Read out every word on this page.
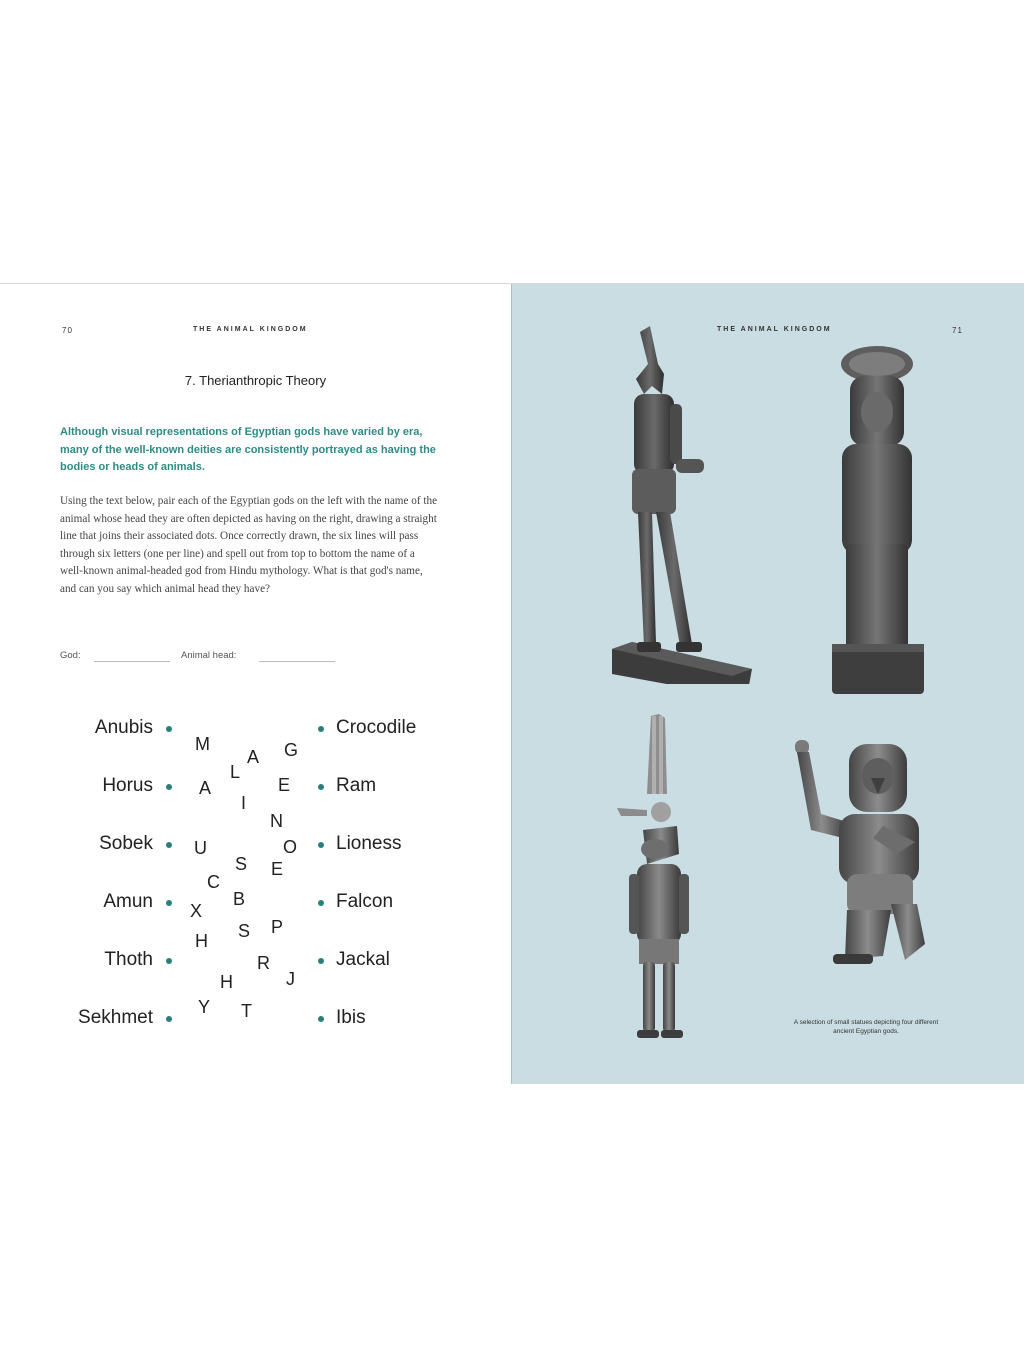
70	THE ANIMAL KINGDOM
7. Therianthropic Theory
Although visual representations of Egyptian gods have varied by era, many of the well-known deities are consistently portrayed as having the bodies or heads of animals.
Using the text below, pair each of the Egyptian gods on the left with the name of the animal whose head they are often depicted as having on the right, drawing a straight line that joins their associated dots. Once correctly drawn, the six lines will pass through six letters (one per line) and spell out from top to bottom the name of a well-known animal-headed god from Hindu mythology. What is that god's name, and can you say which animal head they have?
God:	Animal head:
Anubis
Horus
Sobek
Amun
Thoth
Sekhmet
Crocodile
Ram
Lioness
Falcon
Jackal
Ibis
M
L
A G
A	E
I
N
U	O
S E
C
B
X
S P
H
R
H	J
Y T
THE ANIMAL KINGDOM	71
A selection of small statues depicting four different ancient Egyptian gods.
